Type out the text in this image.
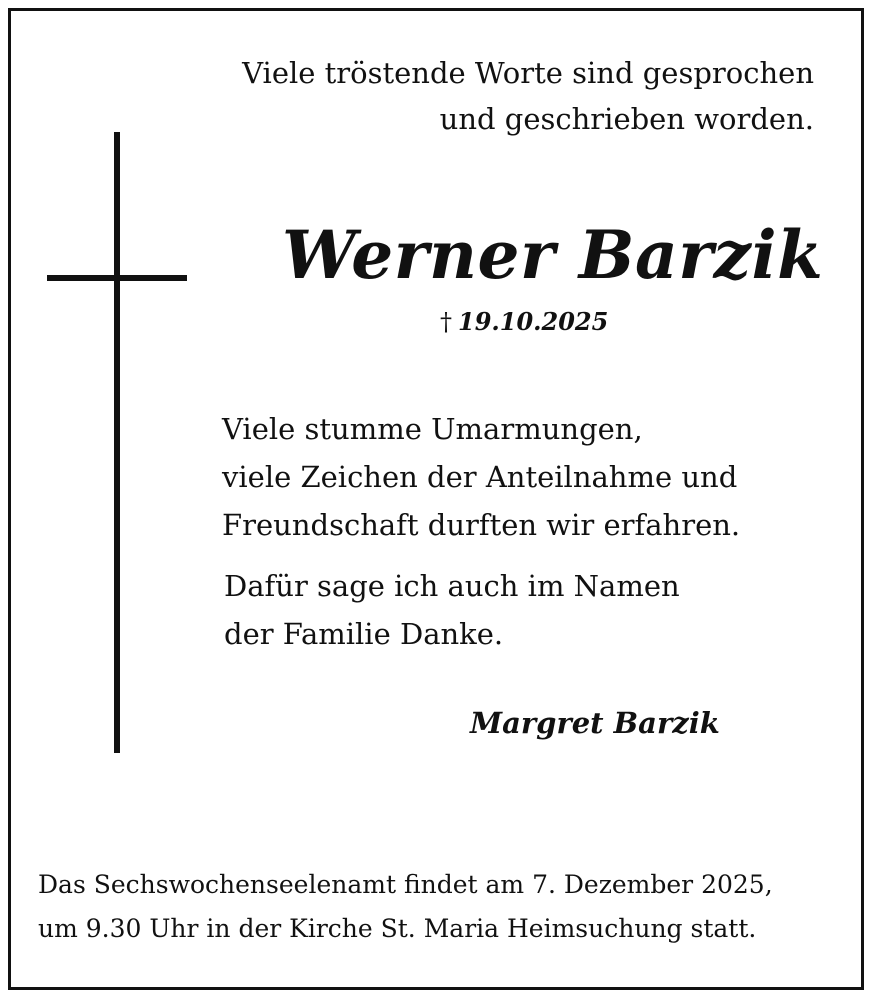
Viele tröstende Worte sind gesprochen
und geschrieben worden.
Werner Barzik
† 19.10.2025
Viele stumme Umarmungen,
viele Zeichen der Anteilnahme und
Freundschaft durften wir erfahren.
Dafür sage ich auch im Namen
der Familie Danke.
Margret Barzik
Das Sechswochenseelenamt findet am 7. Dezember 2025,
um 9.30 Uhr in der Kirche St. Maria Heimsuchung statt.
